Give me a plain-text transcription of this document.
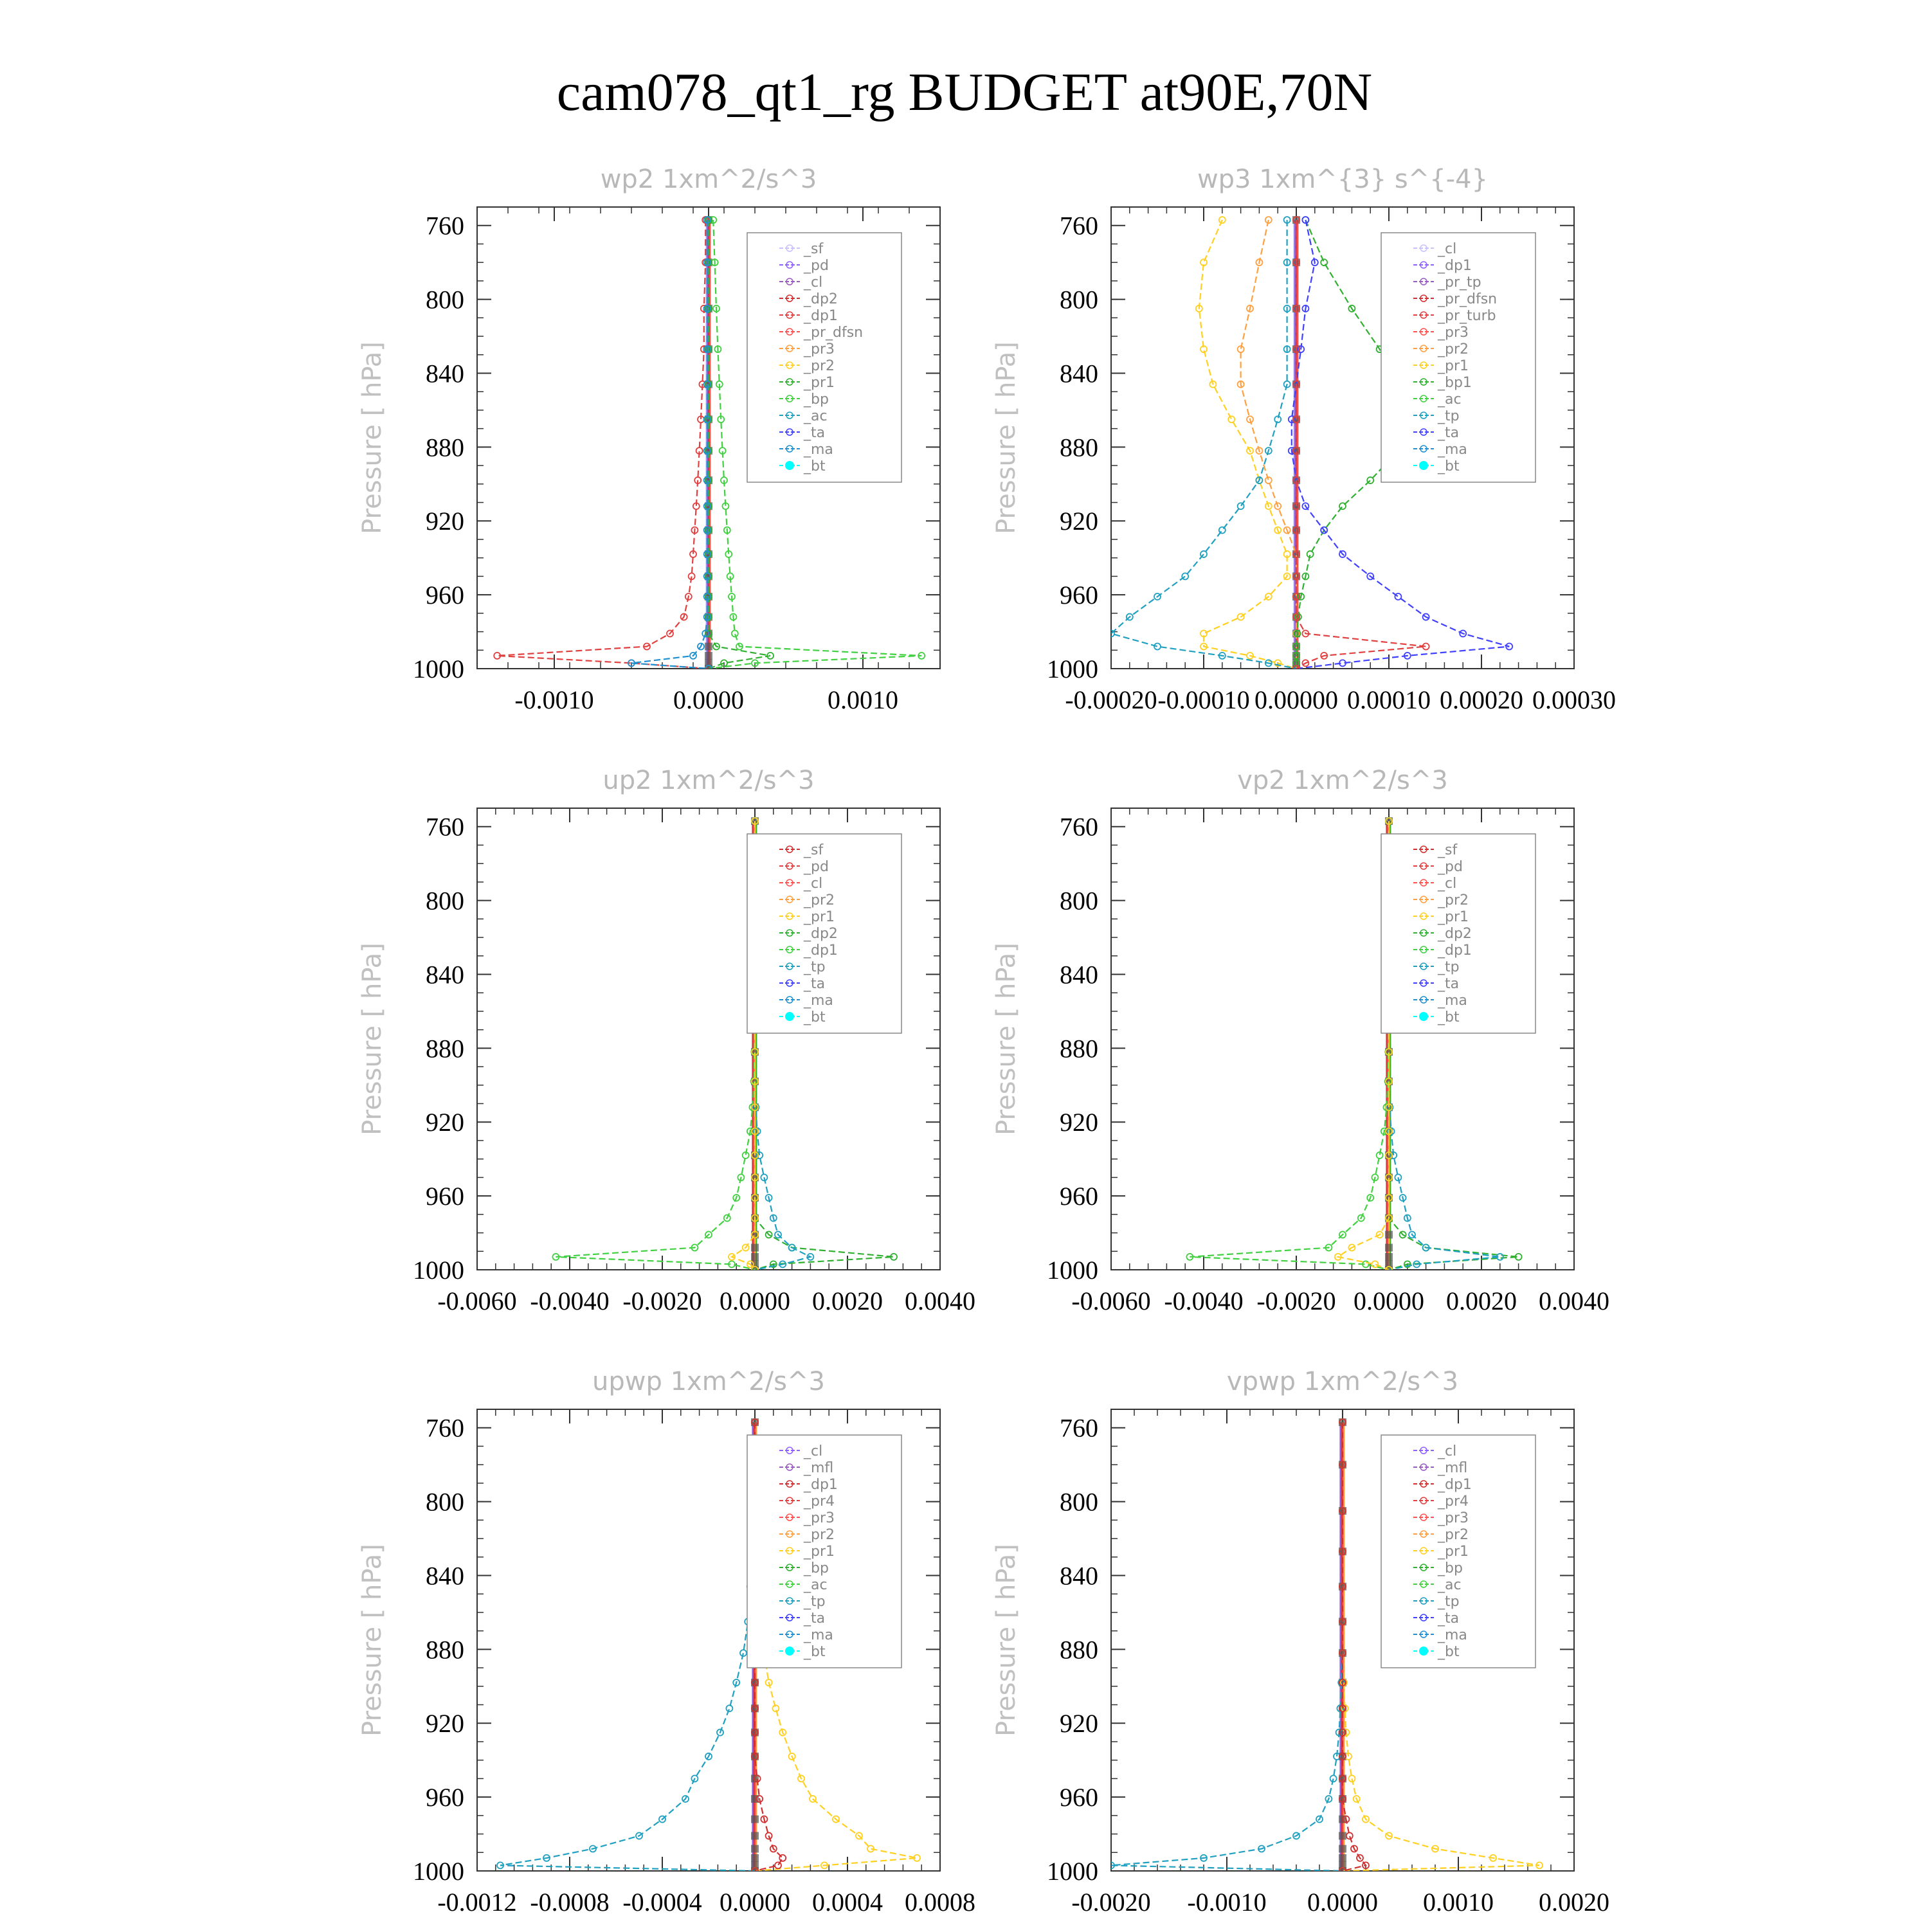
cam078_qt1_rg BUDGET at90E,70N
wp2 1xm^2/s^3
Pressure [ hPa]
760
800
840
880
920
960
1000
-0.0010	0.0000	0.0010
_sf
_pd
_cl
_dp2
_dp1
_pr_dfsn
_pr3
_pr2
_pr1
_bp
_ac
_ta
_ma
_bt
wp3 1xm^{3} s^{-4}
Pressure [ hPa]
760
800
840
880
920
960
1000
-0.00020 -0.00010 0.00000 0.00010 0.00020 0.00030
_cl
_dp1
_pr_tp
_pr_dfsn
_pr_turb
_pr3
_pr2
_pr1
_bp1
_ac
_tp
_ta
_ma
_bt
up2 1xm^2/s^3
Pressure [ hPa]
760
800
840
880
920
960
1000
-0.0060 -0.0040 -0.0020 0.0000 0.0020 0.0040
_sf
_pd
_cl
_pr2
_pr1
_dp2
_dp1
_tp
_ta
_ma
_bt
vp2 1xm^2/s^3
Pressure [ hPa]
760
800
840
880
920
960
1000
-0.0060 -0.0040 -0.0020 0.0000 0.0020 0.0040
_sf
_pd
_cl
_pr2
_pr1
_dp2
_dp1
_tp
_ta
_ma
_bt
upwp 1xm^2/s^3
Pressure [ hPa]
760
800
840
880
920
960
1000
-0.0012 -0.0008 -0.0004 0.0000 0.0004 0.0008
_cl
_mfl
_dp1
_pr4
_pr3
_pr2
_pr1
_bp
_ac
_tp
_ta
_ma
_bt
vpwp 1xm^2/s^3
Pressure [ hPa]
760
800
840
880
920
960
1000
-0.0020 -0.0010 0.0000 0.0010 0.0020
_cl
_mfl
_dp1
_pr4
_pr3
_pr2
_pr1
_bp
_ac
_tp
_ta
_ma
_bt
